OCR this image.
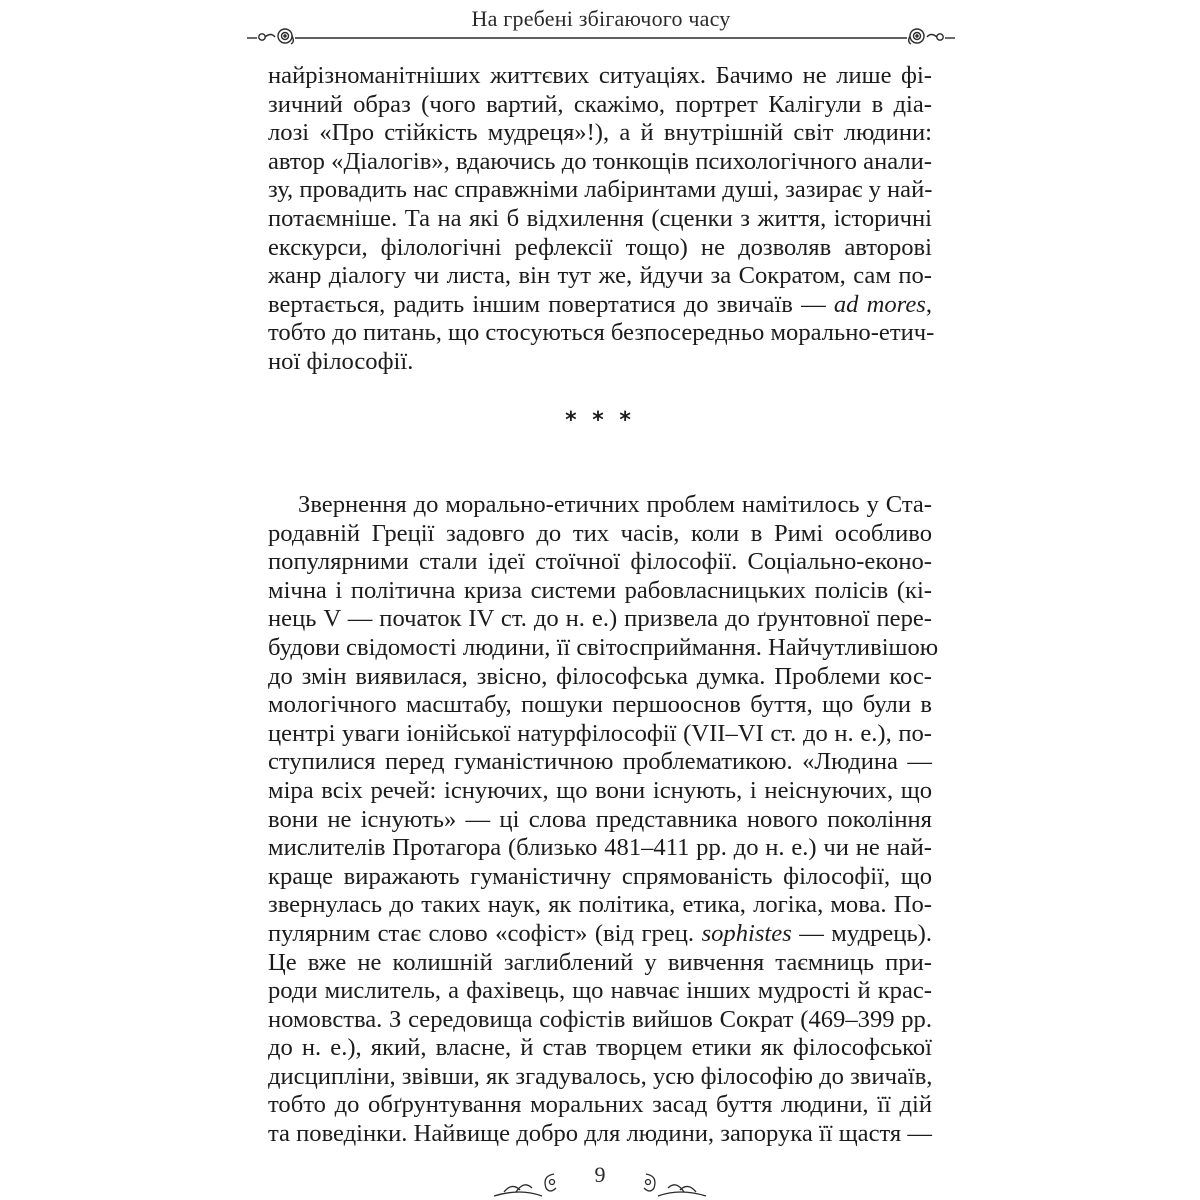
На гребені збігаючого часу
найрізноманітніших життєвих ситуаціях. Бачимо не лише фі-
зичний образ (чого вартий, скажімо, портрет Калігули в діа-
лозі «Про стійкість мудреця»!), а й внутрішній світ людини:
автор «Діалогів», вдаючись до тонкощів психологічного анали-
зу, провадить нас справжніми лабіринтами душі, зазирає у най-
потаємніше. Та на які б відхилення (сценки з життя, історичні
екскурси, філологічні рефлексії тощо) не дозволяв авторові
жанр діалогу чи листа, він тут же, йдучи за Сократом, сам по-
вертається, радить іншим повертатися до звичаїв — ad mores,
тобто до питань, що стосуються безпосередньо морально-етич-
ної філософії.
* * *
Звернення до морально-етичних проблем намітилось у Ста-
родавній Греції задовго до тих часів, коли в Римі особливо
популярними стали ідеї стоїчної філософії. Соціально-еконо-
мічна і політична криза системи рабовласницьких полісів (кі-
нець V — початок IV ст. до н. е.) призвела до ґрунтовної пере-
будови свідомості людини, її світосприймання. Найчутливішою
до змін виявилася, звісно, філософська думка. Проблеми кос-
мологічного масштабу, пошуки першооснов буття, що були в
центрі уваги іонійської натурфілософії (VII–VI ст. до н. е.), по-
ступилися перед гуманістичною проблематикою. «Людина —
міра всіх речей: існуючих, що вони існують, і неіснуючих, що
вони не існують» — ці слова представника нового покоління
мислителів Протагора (близько 481–411 рр. до н. е.) чи не най-
краще виражають гуманістичну спрямованість філософії, що
звернулась до таких наук, як політика, етика, логіка, мова. По-
пулярним стає слово «софіст» (від грец. sophistes — мудрець).
Це вже не колишній заглиблений у вивчення таємниць при-
роди мислитель, а фахівець, що навчає інших мудрості й крас-
номовства. З середовища софістів вийшов Сократ (469–399 рр.
до н. е.), який, власне, й став творцем етики як філософської
дисципліни, звівши, як згадувалось, усю філософію до звичаїв,
тобто до обґрунтування моральних засад буття людини, її дій
та поведінки. Найвище добро для людини, запорука її щастя —
9
